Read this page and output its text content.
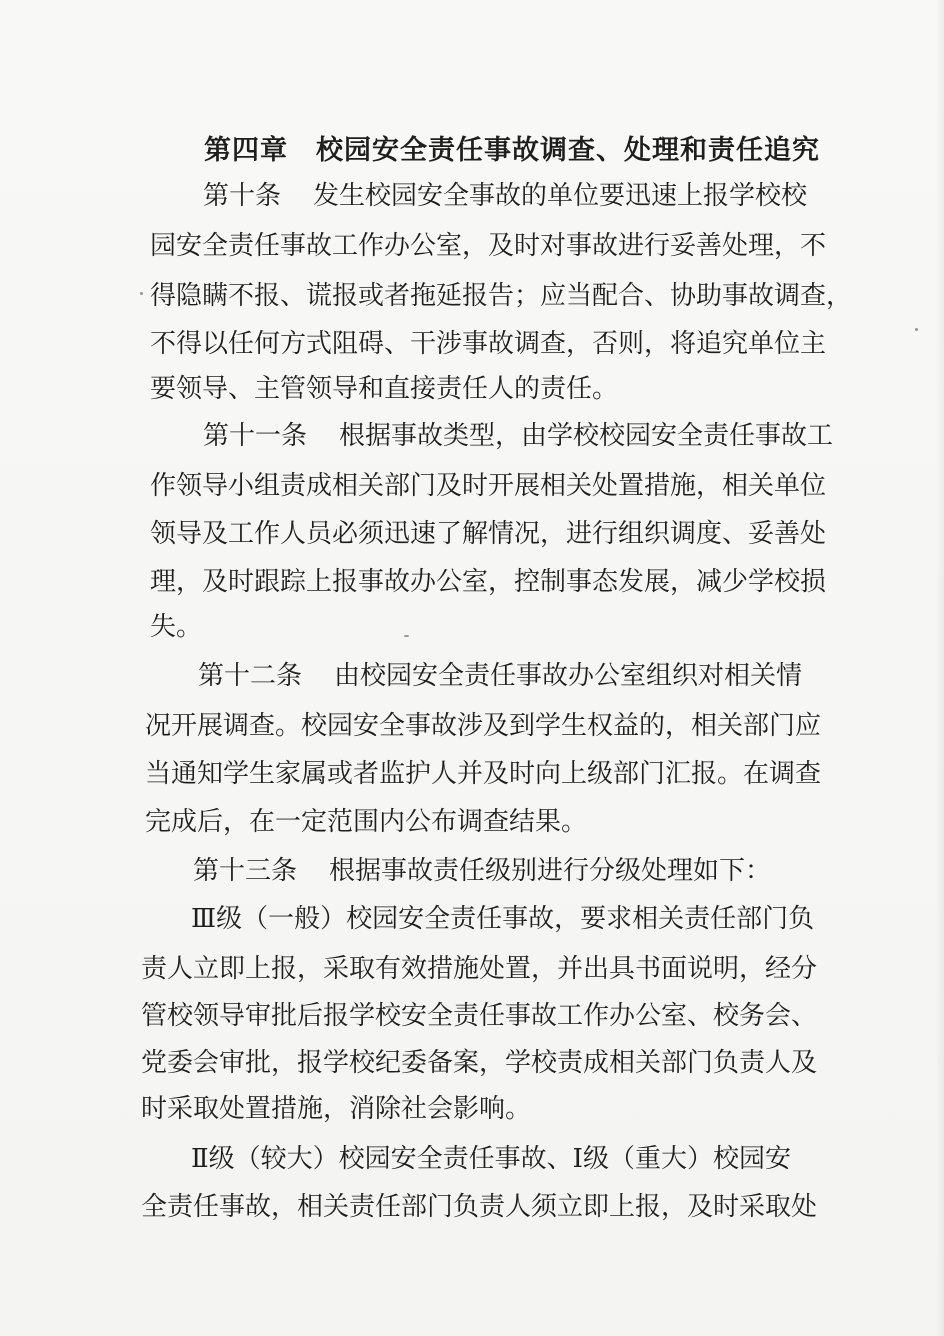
第四章 校园安全责任事故调查、处理和责任追究
第十条 发生校园安全事故的单位要迅速上报学校校
园安全责任事故工作办公室，及时对事故进行妥善处理，不
得隐瞒不报、谎报或者拖延报告；应当配合、协助事故调查，
不得以任何方式阻碍、干涉事故调查，否则，将追究单位主
要领导、主管领导和直接责任人的责任。
第十一条 根据事故类型，由学校校园安全责任事故工
作领导小组责成相关部门及时开展相关处置措施，相关单位
领导及工作人员必须迅速了解情况，进行组织调度、妥善处
理，及时跟踪上报事故办公室，控制事态发展，减少学校损
失。
第十二条 由校园安全责任事故办公室组织对相关情
况开展调查。校园安全事故涉及到学生权益的，相关部门应
当通知学生家属或者监护人并及时向上级部门汇报。在调查
完成后，在一定范围内公布调查结果。
第十三条 根据事故责任级别进行分级处理如下：
Ⅲ级（一般）校园安全责任事故，要求相关责任部门负
责人立即上报，采取有效措施处置，并出具书面说明，经分
管校领导审批后报学校安全责任事故工作办公室、校务会、
党委会审批，报学校纪委备案，学校责成相关部门负责人及
时采取处置措施，消除社会影响。
Ⅱ级（较大）校园安全责任事故、Ⅰ级（重大）校园安
全责任事故，相关责任部门负责人须立即上报，及时采取处
